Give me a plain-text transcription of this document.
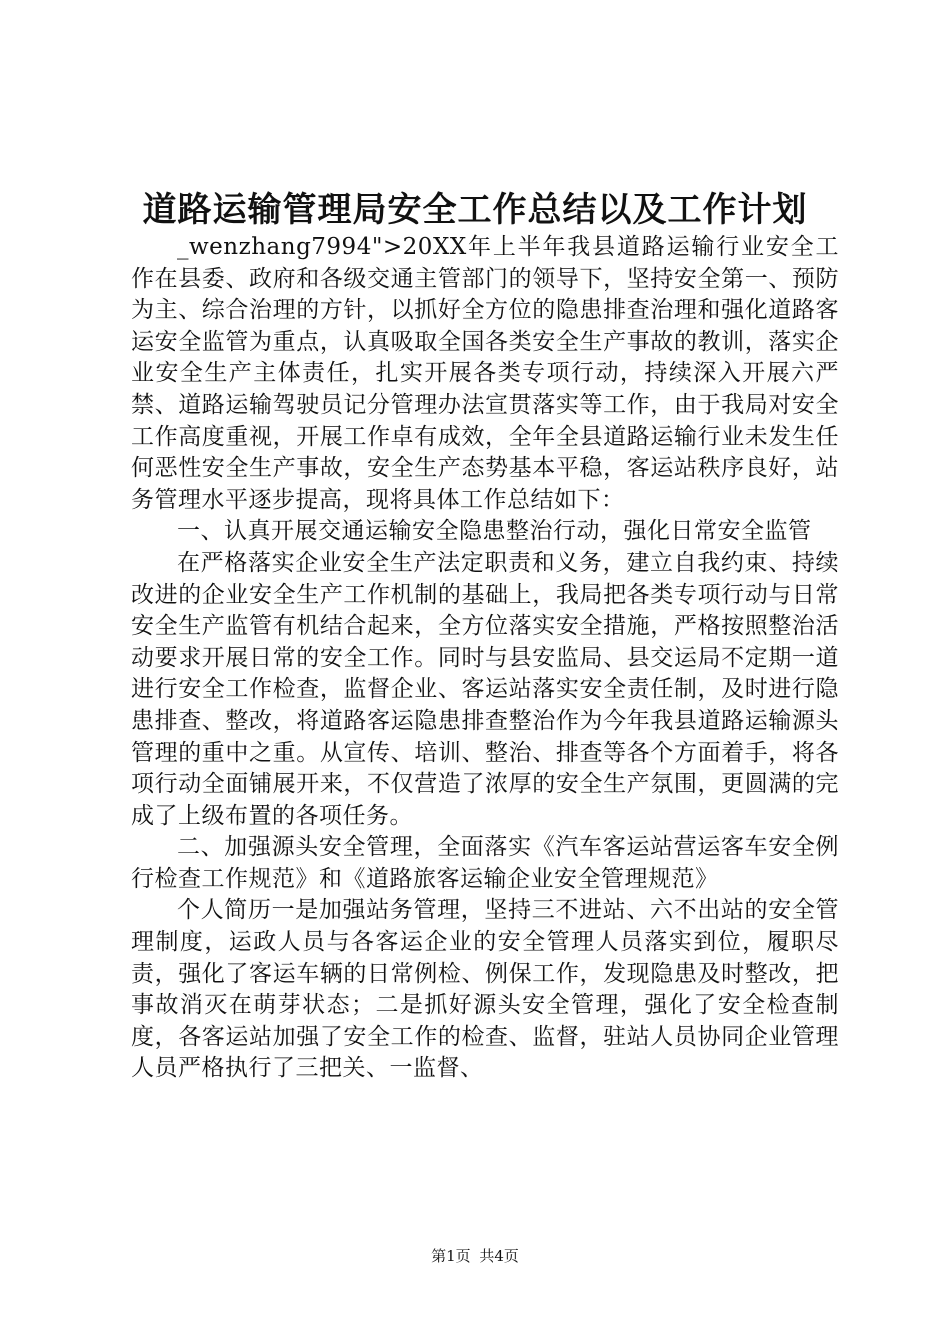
道路运输管理局安全工作总结以及工作计划

_wenzhang7994">20XX年上半年我县道路运输行业安全工作在县委、政府和各级交通主管部门的领导下，坚持安全第一、预防为主、综合治理的方针，以抓好全方位的隐患排查治理和强化道路客运安全监管为重点，认真吸取全国各类安全生产事故的教训，落实企业安全生产主体责任，扎实开展各类专项行动，持续深入开展六严禁、道路运输驾驶员记分管理办法宣贯落实等工作，由于我局对安全工作高度重视，开展工作卓有成效，全年全县道路运输行业未发生任何恶性安全生产事故，安全生产态势基本平稳，客运站秩序良好，站务管理水平逐步提高，现将具体工作总结如下：

一、认真开展交通运输安全隐患整治行动，强化日常安全监管

在严格落实企业安全生产法定职责和义务，建立自我约束、持续改进的企业安全生产工作机制的基础上，我局把各类专项行动与日常安全生产监管有机结合起来，全方位落实安全措施，严格按照整治活动要求开展日常的安全工作。同时与县安监局、县交运局不定期一道进行安全工作检查，监督企业、客运站落实安全责任制，及时进行隐患排查、整改，将道路客运隐患排查整治作为今年我县道路运输源头管理的重中之重。从宣传、培训、整治、排查等各个方面着手，将各项行动全面铺展开来，不仅营造了浓厚的安全生产氛围，更圆满的完成了上级布置的各项任务。

二、加强源头安全管理，全面落实《汽车客运站营运客车安全例行检查工作规范》和《道路旅客运输企业安全管理规范》

个人简历一是加强站务管理，坚持三不进站、六不出站的安全管理制度，运政人员与各客运企业的安全管理人员落实到位，履职尽责，强化了客运车辆的日常例检、例保工作，发现隐患及时整改，把事故消灭在萌芽状态；二是抓好源头安全管理，强化了安全检查制度，各客运站加强了安全工作的检查、监督，驻站人员协同企业管理人员严格执行了三把关、一监督、

第1页 共4页
